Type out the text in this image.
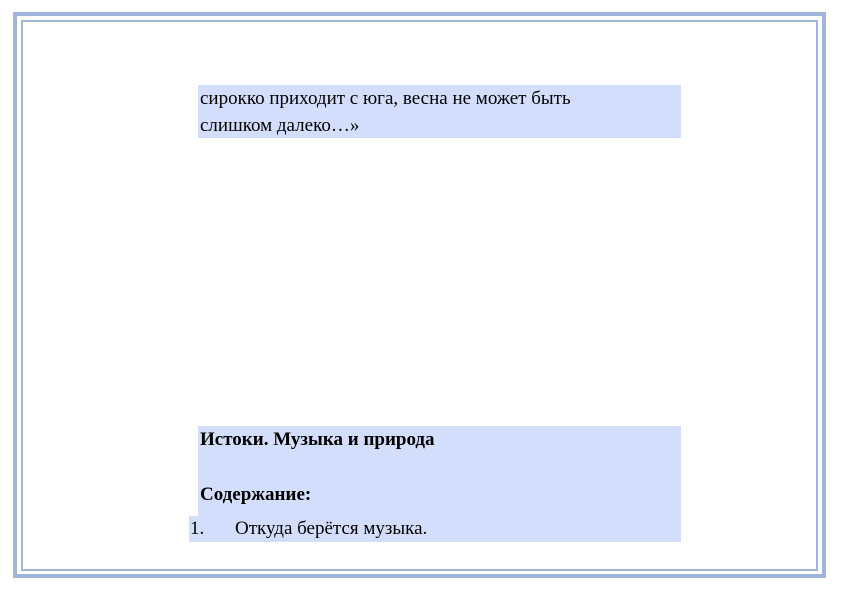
сирокко приходит с юга, весна не может быть
слишком далеко…»
Истоки. Музыка и природа
Содержание:
1. Откуда берётся музыка.
